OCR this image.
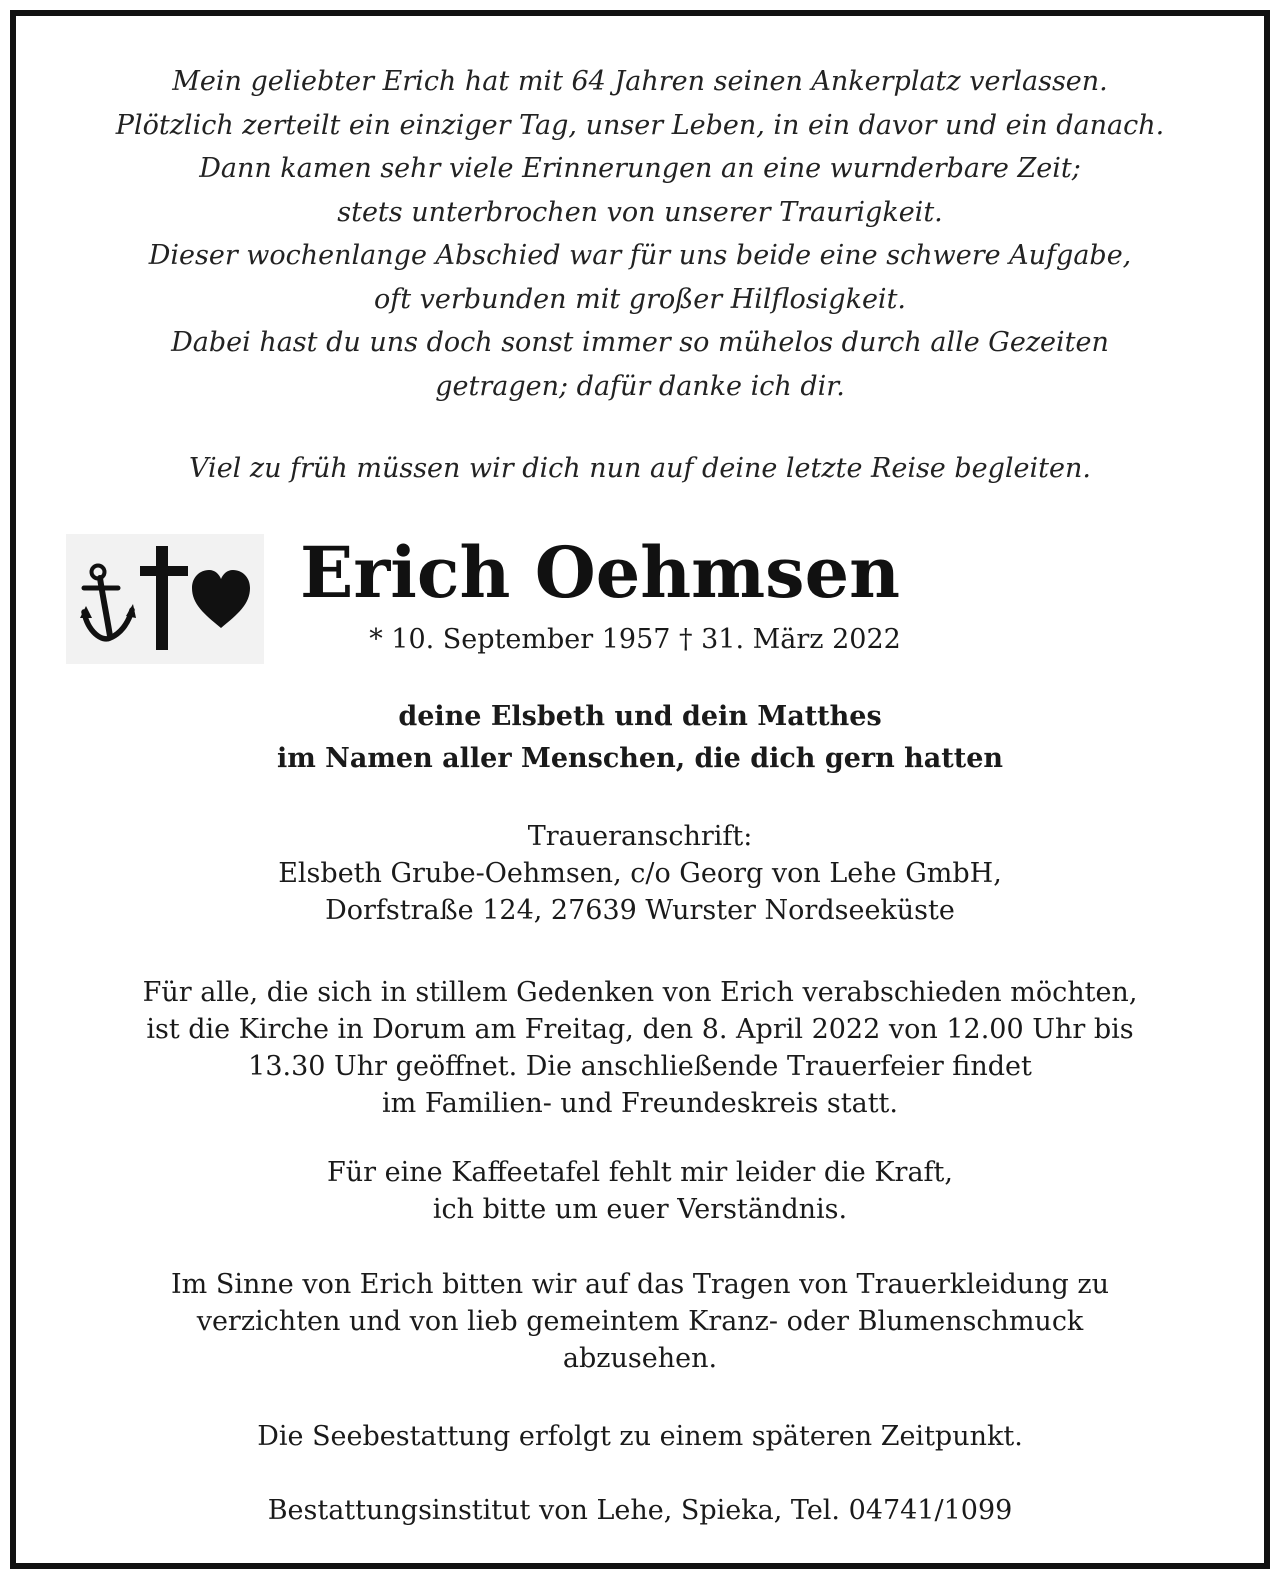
Mein geliebter Erich hat mit 64 Jahren seinen Ankerplatz verlassen.
Plötzlich zerteilt ein einziger Tag, unser Leben, in ein davor und ein danach.
Dann kamen sehr viele Erinnerungen an eine wurnderbare Zeit;
stets unterbrochen von unserer Traurigkeit.
Dieser wochenlange Abschied war für uns beide eine schwere Aufgabe,
oft verbunden mit großer Hilflosigkeit.
Dabei hast du uns doch sonst immer so mühelos durch alle Gezeiten
getragen; dafür danke ich dir.
Viel zu früh müssen wir dich nun auf deine letzte Reise begleiten.
Erich Oehmsen
* 10. September 1957 † 31. März 2022
deine Elsbeth und dein Matthes
im Namen aller Menschen, die dich gern hatten
Traueranschrift:
Elsbeth Grube-Oehmsen, c/o Georg von Lehe GmbH,
Dorfstraße 124, 27639 Wurster Nordseeküste
Für alle, die sich in stillem Gedenken von Erich verabschieden möchten,
ist die Kirche in Dorum am Freitag, den 8. April 2022 von 12.00 Uhr bis
13.30 Uhr geöffnet. Die anschließende Trauerfeier findet
im Familien- und Freundeskreis statt.
Für eine Kaffeetafel fehlt mir leider die Kraft,
ich bitte um euer Verständnis.
Im Sinne von Erich bitten wir auf das Tragen von Trauerkleidung zu
verzichten und von lieb gemeintem Kranz- oder Blumenschmuck
abzusehen.
Die Seebestattung erfolgt zu einem späteren Zeitpunkt.
Bestattungsinstitut von Lehe, Spieka, Tel. 04741/1099
